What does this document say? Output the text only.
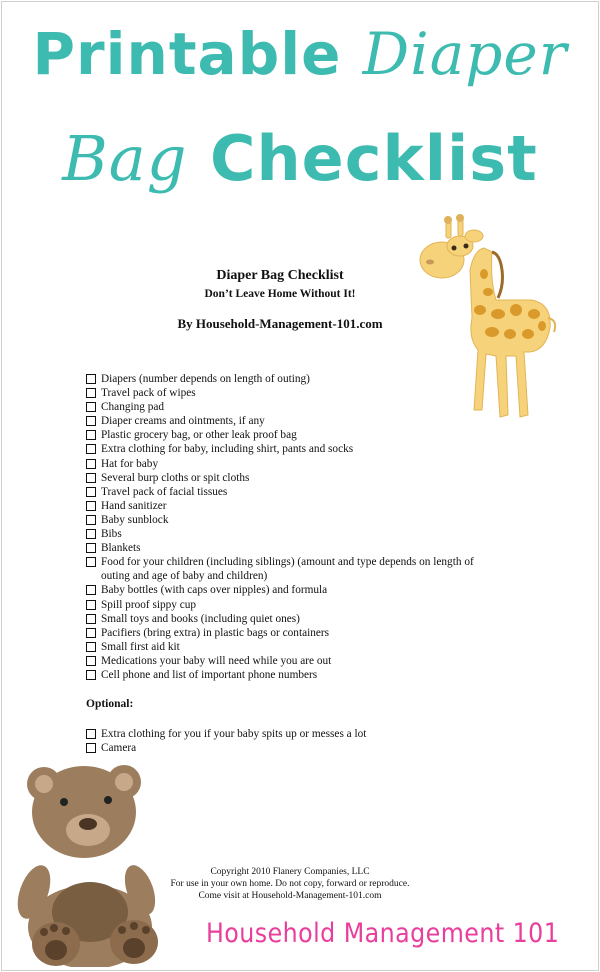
Printable Diaper
Bag Checklist
Diaper Bag Checklist
Don’t Leave Home Without It!
By Household-Management-101.com
Diapers (number depends on length of outing)
Travel pack of wipes
Changing pad
Diaper creams and ointments, if any
Plastic grocery bag, or other leak proof bag
Extra clothing for baby, including shirt, pants and socks
Hat for baby
Several burp cloths or spit cloths
Travel pack of facial tissues
Hand sanitizer
Baby sunblock
Bibs
Blankets
Food for your children (including siblings) (amount and type depends on length of outing and age of baby and children)
Baby bottles (with caps over nipples) and formula
Spill proof sippy cup
Small toys and books (including quiet ones)
Pacifiers (bring extra) in plastic bags or containers
Small first aid kit
Medications your baby will need while you are out
Cell phone and list of important phone numbers
Optional:
Extra clothing for you if your baby spits up or messes a lot
Camera
Copyright 2010 Flanery Companies, LLC
For use in your own home. Do not copy, forward or reproduce.
Come visit at Household-Management-101.com
Household Management 101
